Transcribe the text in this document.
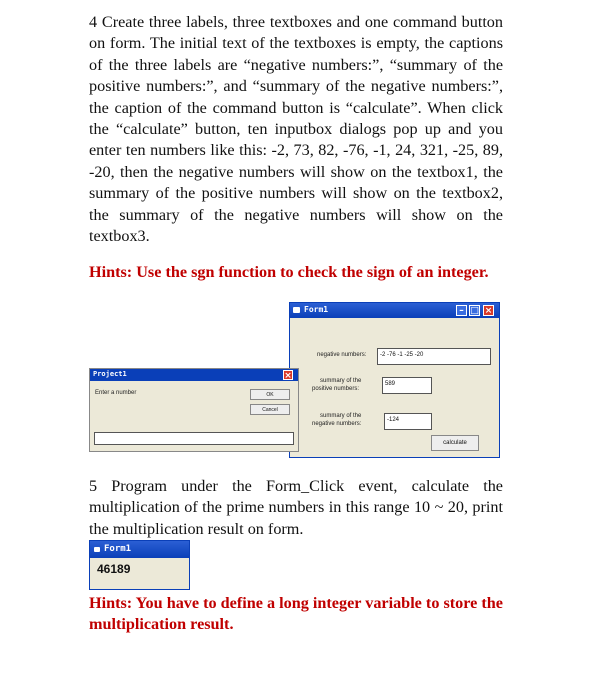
4 Create three labels, three textboxes and one command button on form. The initial text of the textboxes is empty, the captions of the three labels are “negative numbers:”, “summary of the positive numbers:”, and “summary of the negative numbers:”, the caption of the command button is “calculate”. When click the “calculate” button, ten inputbox dialogs pop up and you enter ten numbers like this: -2, 73, 82, -76, -1, 24, 321, -25, 89, -20, then the negative numbers will show on the textbox1, the summary of the positive numbers will show on the textbox2, the summary of the negative numbers will show on the textbox3.
Hints: Use the sgn function to check the sign of an integer.
Form1	– □ ×
negative numbers:	-2 -76 -1 -25 -20
summary of the
positive numbers:
589
summary of the
negative numbers:
-124
calculate
Project1	×
Enter a number	OK
Cancel
5 Program under the Form_Click event, calculate the multiplication of the prime numbers in this range 10 ~ 20, print the multiplication result on form.
Form1
46189
Hints: You have to define a long integer variable to store the multiplication result.
